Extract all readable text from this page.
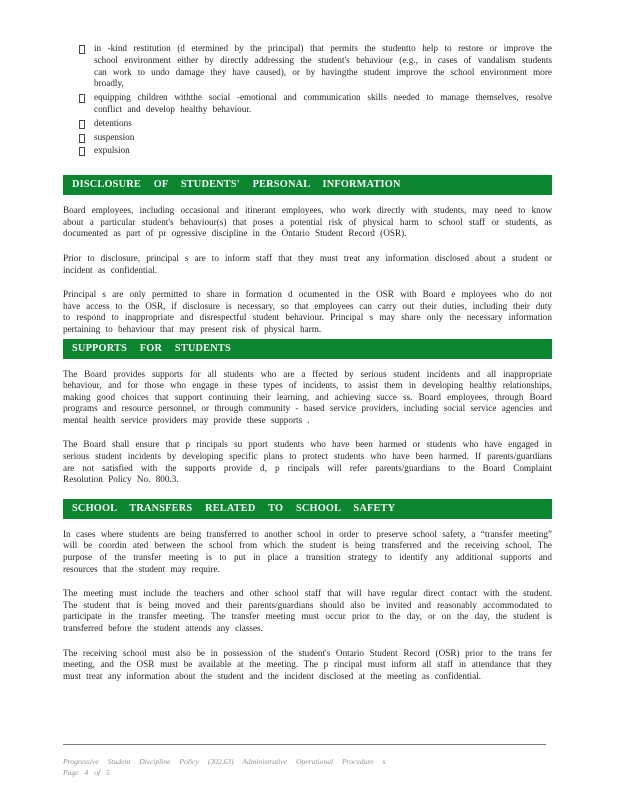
in -kind restitution (d etermined by the principal) that permits the studentto help to restore or improve the school environment either by directly addressing the student's behaviour (e.g., in cases of vandalism students can work to undo damage they have caused), or by havingthe student improve the school environment more broadly,
equipping children withthe social -emotional and communication skills needed to manage themselves, resolve conflict and develop healthy behaviour.
detentions
suspension
expulsion
DISCLOSURE OF STUDENTS' PERSONAL INFORMATION

Board employees, including occasional and itinerant employees, who work directly with students, may need to know about a particular student's behaviour(s) that poses a potential risk of physical harm to school staff or students, as documented as part of pr ogressive discipline in the Ontario Student Record (OSR).

Prior to disclosure, principal s are to inform staff that they must treat any information disclosed about a student or incident as confidential.

Principal s are only permitted to share in formation d ocumented in the OSR with Board e mployees who do not have access to the OSR, if disclosure is necessary, so that employees can carry out their duties, including their duty to respond to inappropriate and disrespectful student behaviour. Principal s may share only the necessary information pertaining to behaviour that may present risk of physical harm.

SUPPORTS FOR STUDENTS

The Board provides supports for all students who are a ffected by serious student incidents and all inappropriate behaviour, and for those who engage in these types of incidents, to assist them in developing healthy relationships, making good choices that support continuing their learning, and achieving succe ss. Board employees, through Board programs and resource personnel, or through community - based service providers, including social service agencies and mental health service providers may provide these supports .

The Board shall ensure that p rincipals su pport students who have been harmed or students who have engaged in serious student incidents by developing specific plans to protect students who have been harmed. If parents/guardians are not satisfied with the supports provide d, p rincipals will refer parents/guardians to the Board Complaint Resolution Policy No. 800.3.

SCHOOL TRANSFERS RELATED TO SCHOOL SAFETY

In cases where students are being transferred to another school in order to preserve school safety, a “transfer meeting” will be coordin ated between the school from which the student is being transferred and the receiving school. The purpose of the transfer meeting is to put in place a transition strategy to identify any additional supports and resources that the student may require.

The meeting must include the teachers and other school staff that will have regular direct contact with the student. The student that is being moved and their parents/guardians should also be invited and reasonably accommodated to participate in the transfer meeting. The transfer meeting must occur prior to the day, or on the day, the student is transferred before the student attends any classes.

The receiving school must also be in possession of the student's Ontario Student Record (OSR) prior to the trans fer meeting, and the OSR must be available at the meeting. The p rincipal must inform all staff in attendance that they must treat any information about the student and the incident disclosed at the meeting as confidential.

Progressive Student Discipline Policy (302.63) Administrative Operational Procedure s
Page 4 of 5
